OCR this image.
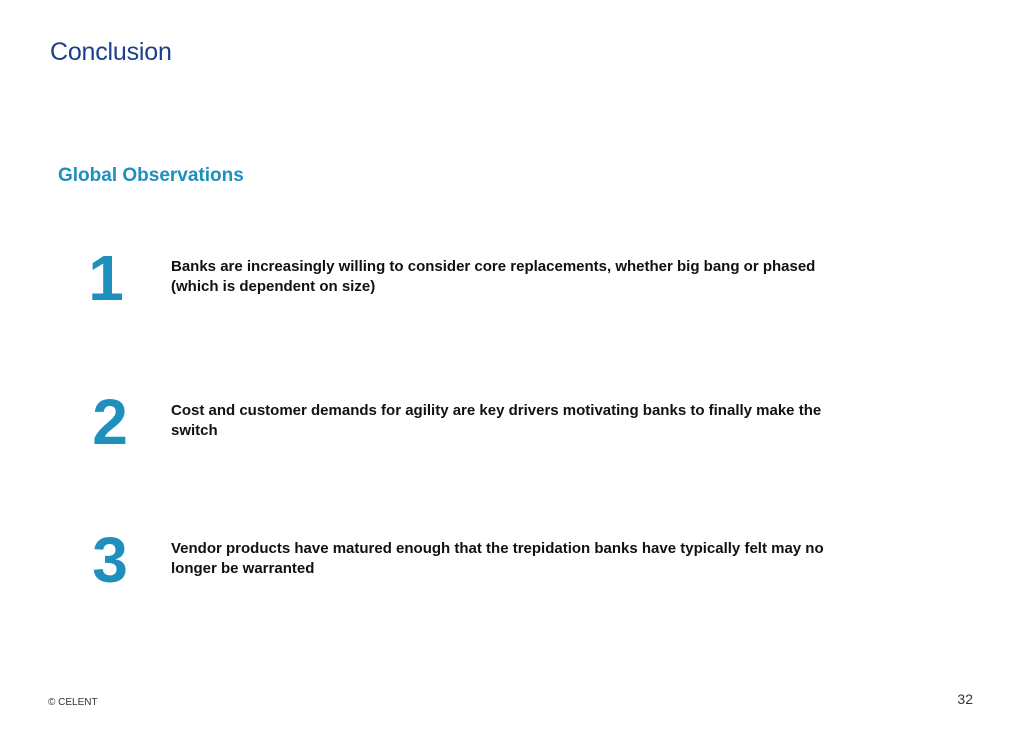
Conclusion
Global Observations
1	Banks are increasingly willing to consider core replacements, whether big bang or phased (which is dependent on size)
2	Cost and customer demands for agility are key drivers motivating banks to finally make the switch
3	Vendor products have matured enough that the trepidation banks have typically felt may no longer be warranted
© CELENT	32
